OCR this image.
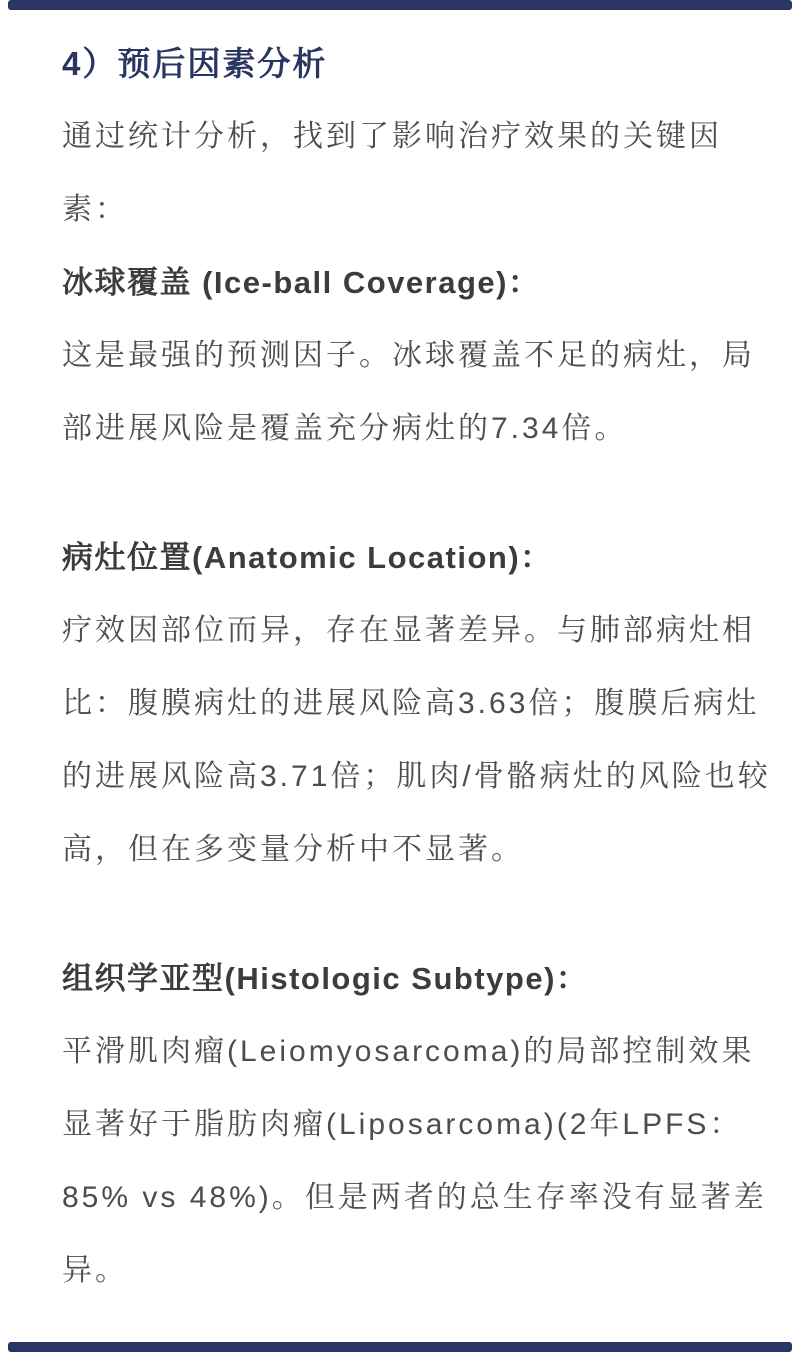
4）预后因素分析
通过统计分析，找到了影响治疗效果的关键因
素：
冰球覆盖 (Ice-ball Coverage)：
这是最强的预测因子。冰球覆盖不足的病灶，局
部进展风险是覆盖充分病灶的7.34倍。
病灶位置(Anatomic Location)：
疗效因部位而异，存在显著差异。与肺部病灶相
比：腹膜病灶的进展风险高3.63倍；腹膜后病灶
的进展风险高3.71倍；肌肉/骨骼病灶的风险也较
高，但在多变量分析中不显著。
组织学亚型(Histologic Subtype)：
平滑肌肉瘤(Leiomyosarcoma)的局部控制效果
显著好于脂肪肉瘤(Liposarcoma)(2年LPFS：
85% vs 48%)。但是两者的总生存率没有显著差
异。
